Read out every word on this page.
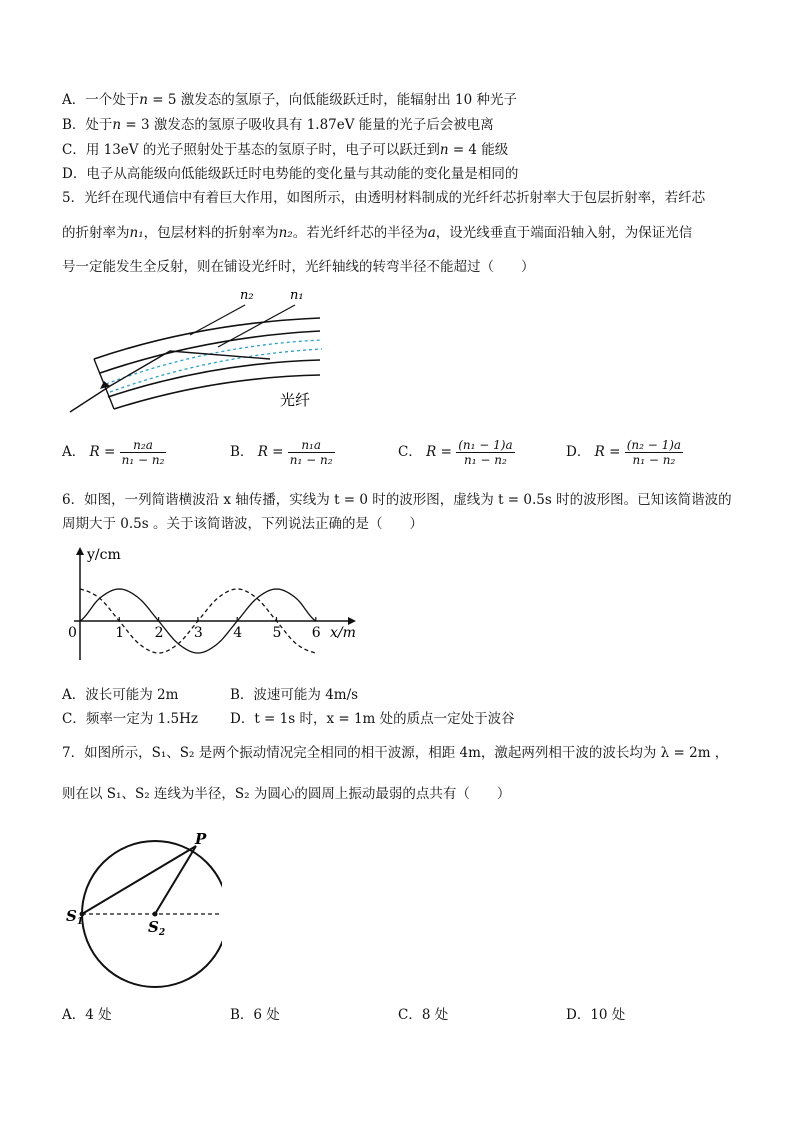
A．一个处于n = 5 激发态的氢原子，向低能级跃迁时，能辐射出 10 种光子
B．处于n = 3 激发态的氢原子吸收具有 1.87eV 能量的光子后会被电离
C．用 13eV 的光子照射处于基态的氢原子时，电子可以跃迁到n = 4 能级
D．电子从高能级向低能级跃迁时电势能的变化量与其动能的变化量是相同的
5．光纤在现代通信中有着巨大作用，如图所示，由透明材料制成的光纤纤芯折射率大于包层折射率，若纤芯
的折射率为n₁，包层材料的折射率为n₂。若光纤纤芯的半径为a，设光线垂直于端面沿轴入射，为保证光信
号一定能发生全反射，则在铺设光纤时，光纤轴线的转弯半径不能超过（　　）
n₂	n₁
光纤
A． $R = \frac{\text{n₂a}}{\text{n₁ − n₂}}$	B． $R = \frac{\text{n₁a}}{\text{n₁ − n₂}}$	C． $R = \frac{\text{(n₁ − 1)a}}{\text{n₁ − n₂}}$	D． $R = \frac{\text{(n₂ − 1)a}}{\text{n₁ − n₂}}$
6．如图，一列简谐横波沿 x 轴传播，实线为 t = 0 时的波形图，虚线为 t = 0.5s 时的波形图。已知该简谐波的
周期大于 0.5s 。关于该简谐波，下列说法正确的是（　　）
y/cm
x/m
0	1 2 3 4 5 6
A．波长可能为 2m	B．波速可能为 4m/s
C．频率一定为 1.5Hz D．t = 1s 时，x = 1m 处的质点一定处于波谷
7．如图所示，S₁、S₂ 是两个振动情况完全相同的相干波源，相距 4m，激起两列相干波的波长均为 λ = 2m ，
则在以 S₁、S₂ 连线为半径，S₂ 为圆心的圆周上振动最弱的点共有（　　）
P
$S_1$	$S_2$
A．4 处	B．6 处	C．8 处	D．10 处
